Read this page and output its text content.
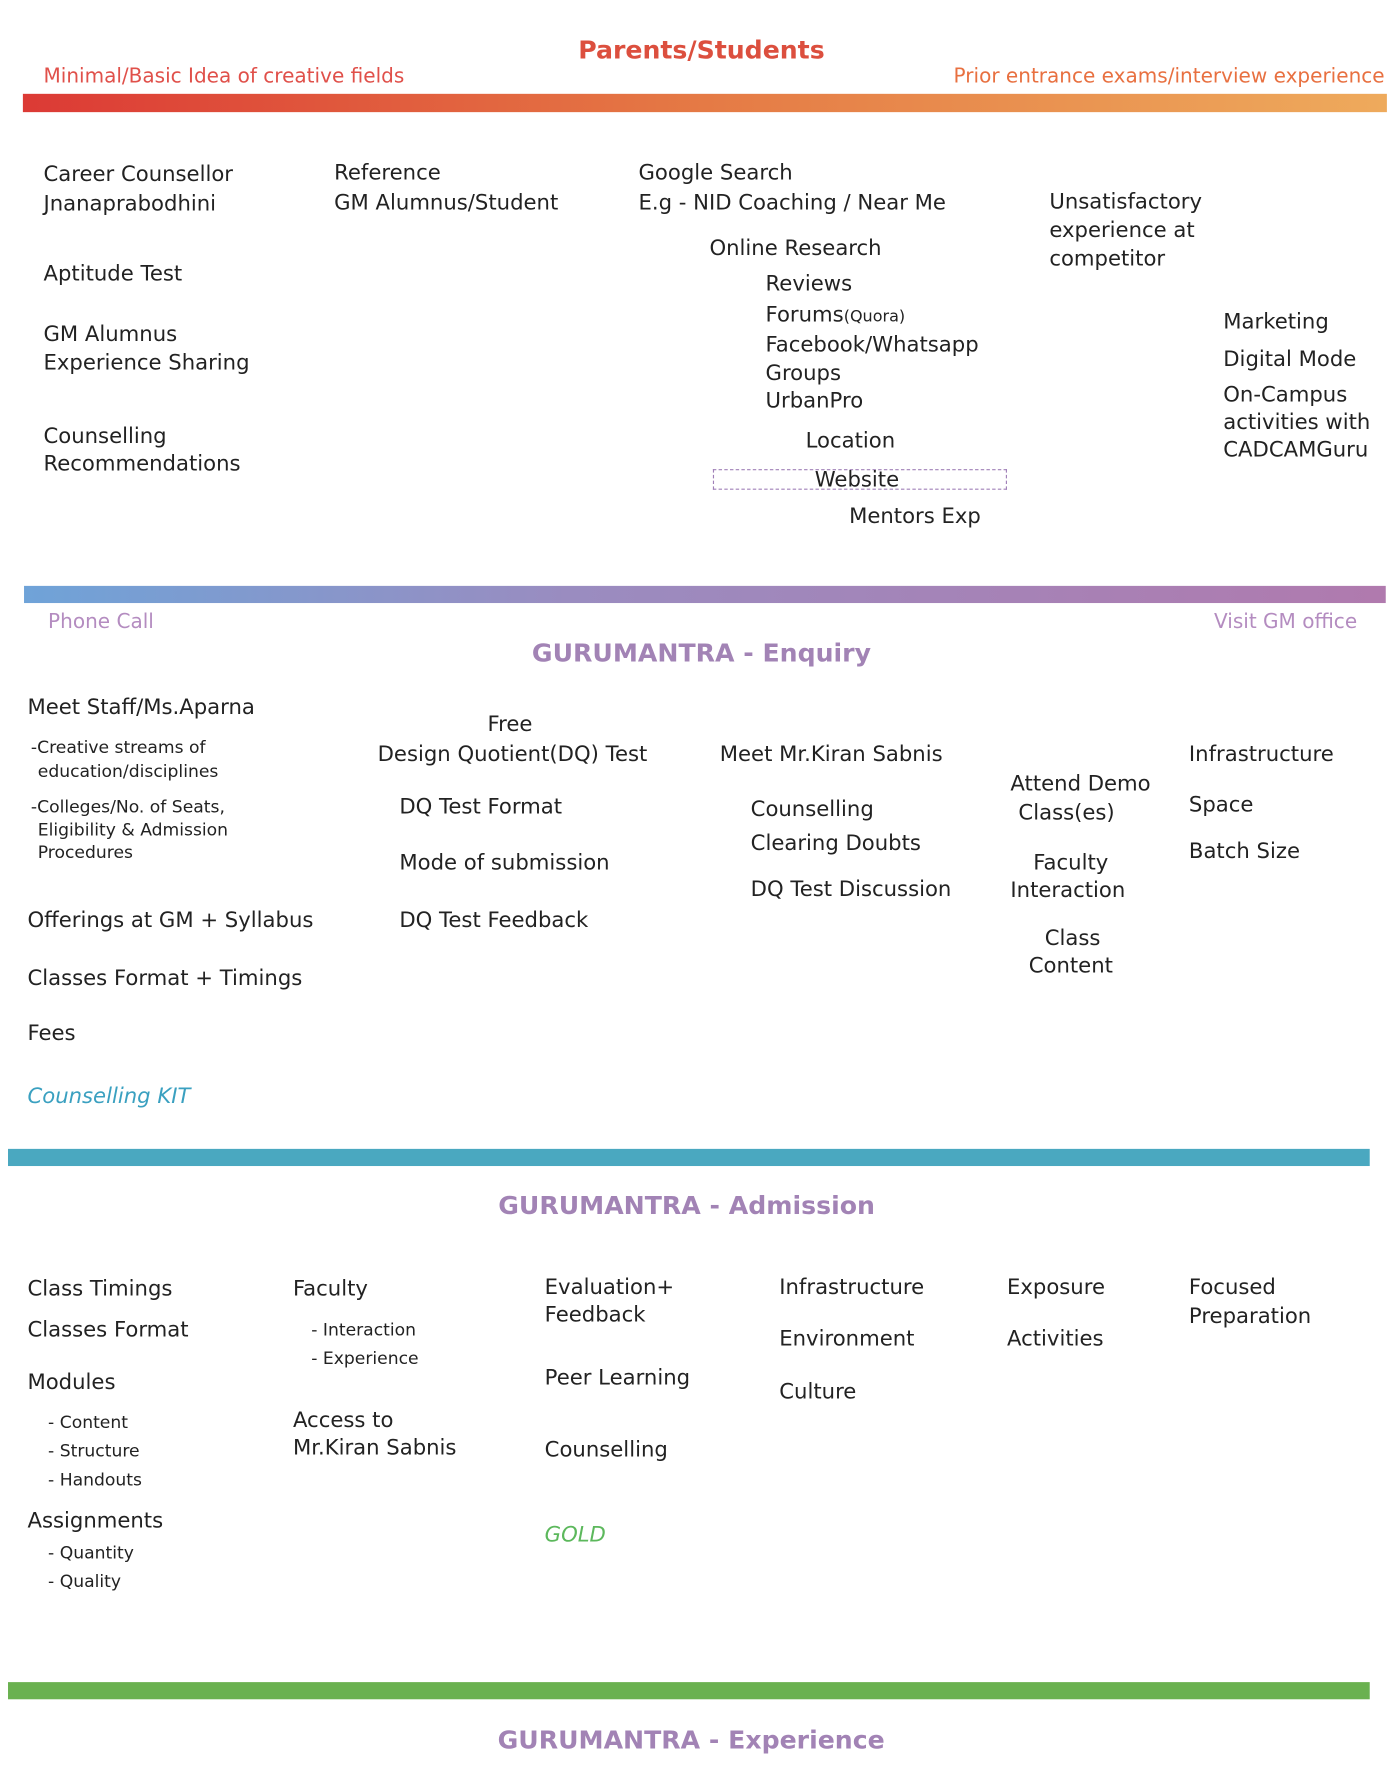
Parents/Students
Minimal/Basic Idea of creative fields	Prior entrance exams/interview experience
Career Counsellor
Jnanaprabodhini
Aptitude Test
GM Alumnus
Experience Sharing
Counselling
Recommendations
Reference
GM Alumnus/Student
Google Search
E.g - NID Coaching / Near Me
Online Research
Reviews
Forums(Quora)
Facebook/Whatsapp
Groups
UrbanPro
Location
Website
Mentors Exp
Unsatisfactory
experience at
competitor
Marketing
Digital Mode
On-Campus
activities with
CADCAMGuru
Phone Call	Visit GM office
GURUMANTRA - Enquiry
Meet Staff/Ms.Aparna
-Creative streams of
education/disciplines
-Colleges/No. of Seats,
Eligibility & Admission
Procedures
Offerings at GM + Syllabus
Classes Format + Timings
Fees
Counselling KIT
Free
Design Quotient(DQ) Test
DQ Test Format
Mode of submission
DQ Test Feedback
Meet Mr.Kiran Sabnis
Counselling
Clearing Doubts
DQ Test Discussion
Attend Demo
Class(es)
Faculty
Interaction
Class
Content
Infrastructure
Space
Batch Size
GURUMANTRA - Admission
Class Timings
Classes Format
Modules
- Content
- Structure
- Handouts
Assignments
- Quantity
- Quality
Faculty
- Interaction
- Experience
Access to
Mr.Kiran Sabnis
Evaluation+
Feedback
Peer Learning
Counselling
GOLD
Infrastructure
Environment
Culture
Exposure
Activities
Focused
Preparation
GURUMANTRA - Experience
